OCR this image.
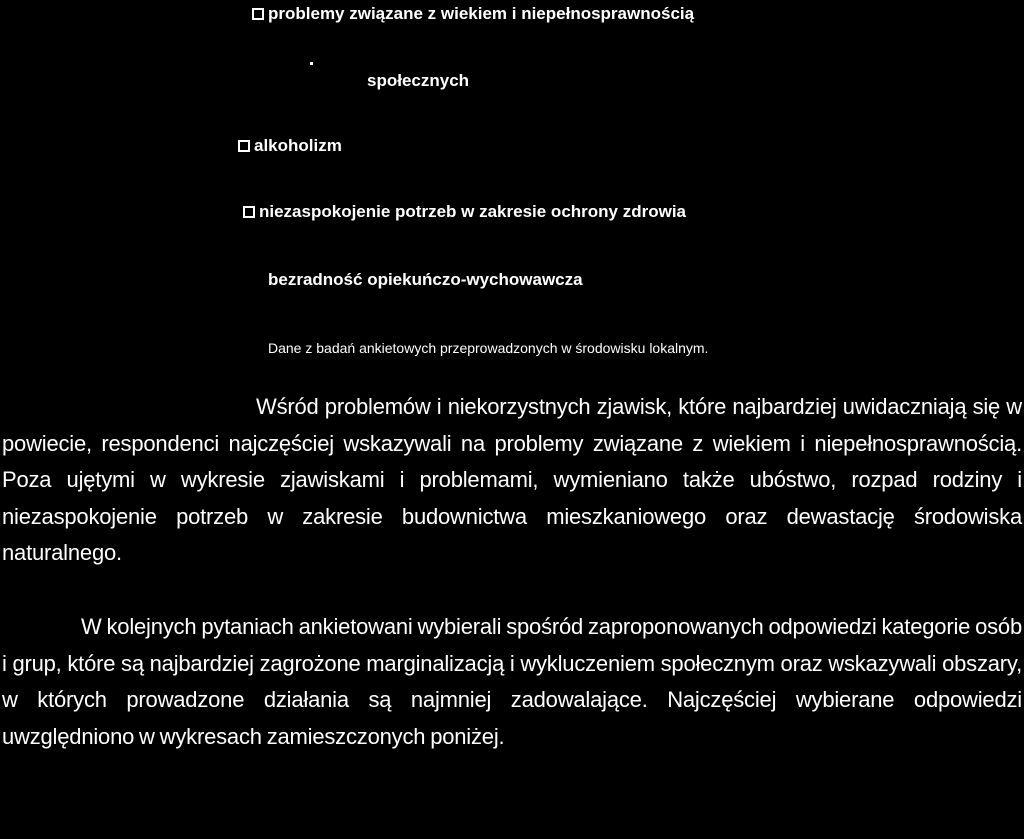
problemy związane z wiekiem i niepełnosprawnością
społecznych
alkoholizm
niezaspokojenie potrzeb w zakresie ochrony zdrowia
bezradność opiekuńczo-wychowawcza
Dane z badań ankietowych przeprowadzonych w środowisku lokalnym.
Wśród problemów i niekorzystnych zjawisk, które najbardziej uwidaczniają się w powiecie, respondenci najczęściej wskazywali na problemy związane z wiekiem i niepełnosprawnością. Poza ujętymi w wykresie zjawiskami i problemami, wymieniano także ubóstwo, rozpad rodziny i niezaspokojenie potrzeb w zakresie budownictwa mieszkaniowego oraz dewastację środowiska naturalnego.
W kolejnych pytaniach ankietowani wybierali spośród zaproponowanych odpowiedzi kategorie osób i grup, które są najbardziej zagrożone marginalizacją i wykluczeniem społecznym oraz wskazywali obszary, w których prowadzone działania są najmniej zadowalające. Najczęściej wybierane odpowiedzi uwzględniono w wykresach zamieszczonych poniżej.
